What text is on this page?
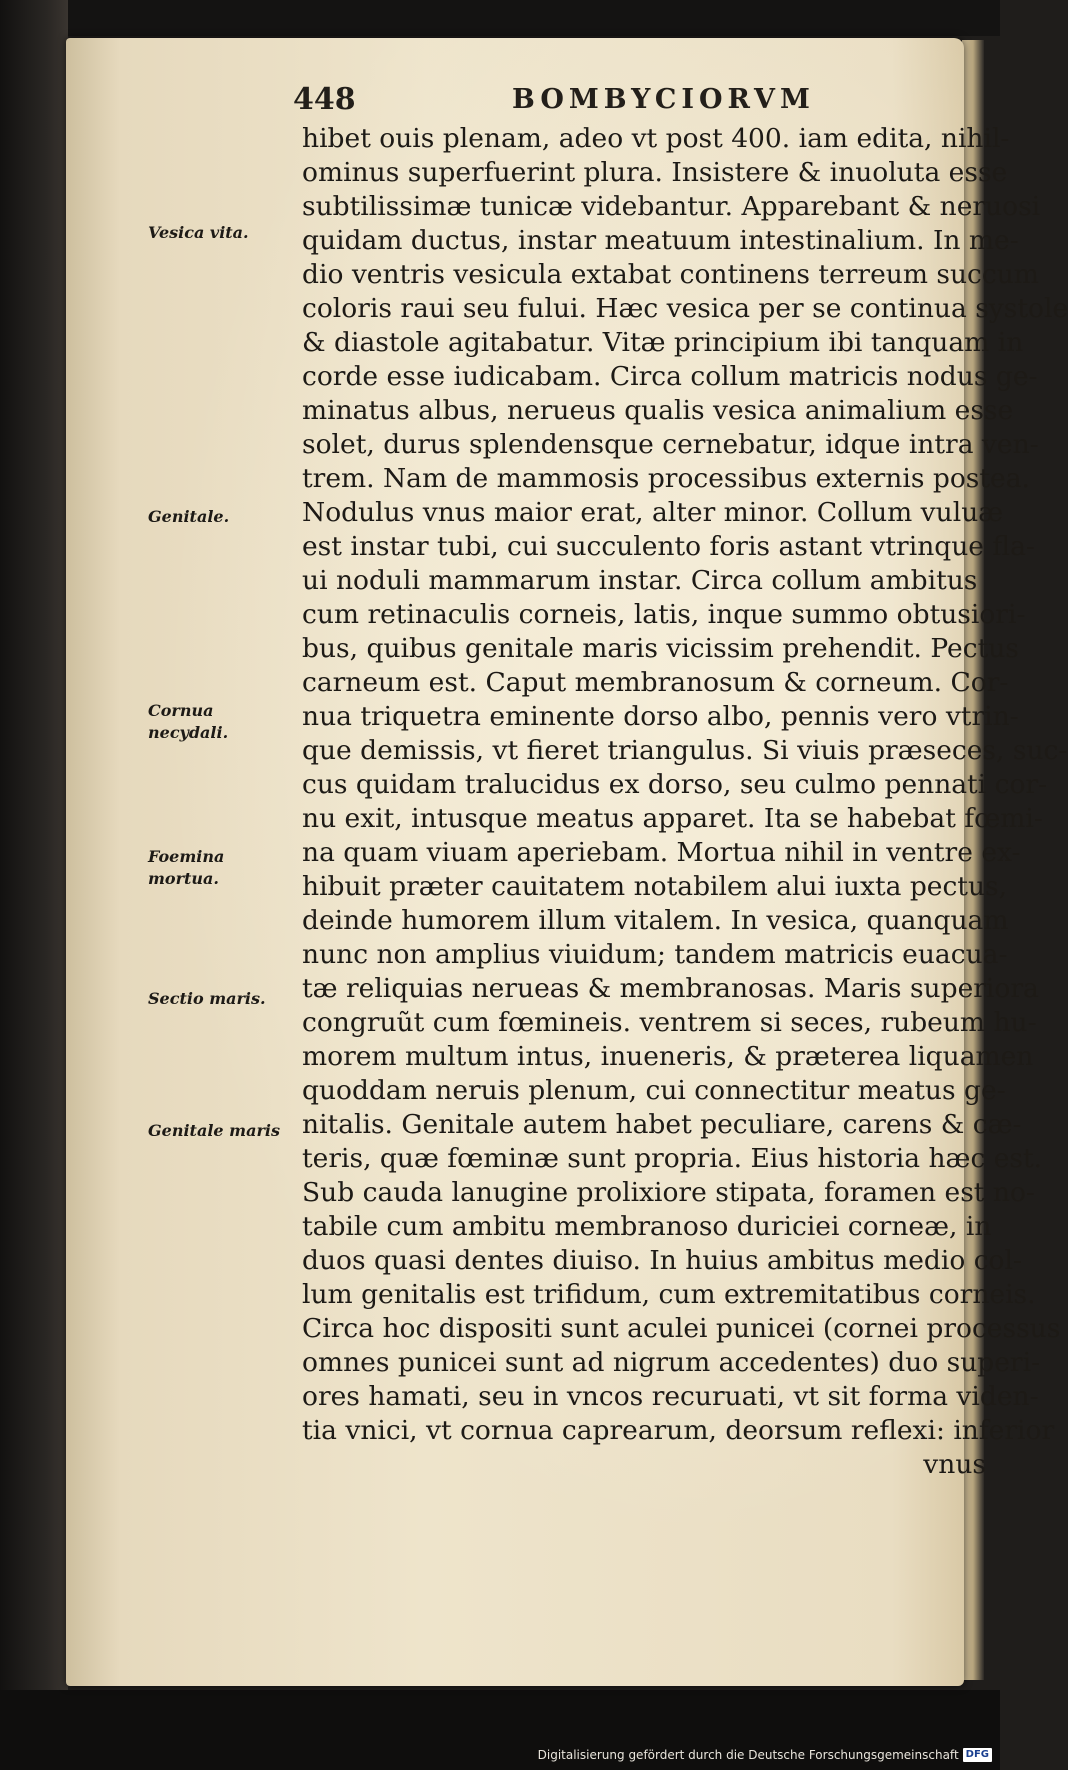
448	BOMBYCIORVM
Vesica vita.
Genitale.
Cornua necydali.
Foemina mortua.
Sectio maris.
Genitale maris
hibet ouis plenam, adeo vt post 400. iam edita, nihil-
ominus superfuerint plura. Insistere & inuoluta esse
subtilissimæ tunicæ videbantur. Apparebant & neruosi
quidam ductus, instar meatuum intestinalium. In me-
dio ventris vesicula extabat continens terreum succum
coloris raui seu fului. Hæc vesica per se continua systole
& diastole agitabatur. Vitæ principium ibi tanquam in
corde esse iudicabam. Circa collum matricis nodus ge-
minatus albus, nerueus qualis vesica animalium esse
solet, durus splendensque cernebatur, idque intra ven-
trem. Nam de mammosis processibus externis postea.
Nodulus vnus maior erat, alter minor. Collum vuluæ
est instar tubi, cui succulento foris astant vtrinque fla-
ui noduli mammarum instar. Circa collum ambitus
cum retinaculis corneis, latis, inque summo obtusiori-
bus, quibus genitale maris vicissim prehendit. Pectus
carneum est. Caput membranosum & corneum. Cor-
nua triquetra eminente dorso albo, pennis vero vtrin-
que demissis, vt fieret triangulus. Si viuis præseces, suc-
cus quidam tralucidus ex dorso, seu culmo pennati cor-
nu exit, intusque meatus apparet. Ita se habebat fœmi-
na quam viuam aperiebam. Mortua nihil in ventre ex-
hibuit præter cauitatem notabilem alui iuxta pectus,
deinde humorem illum vitalem. In vesica, quanquam
nunc non amplius viuidum; tandem matricis euacua-
tæ reliquias nerueas & membranosas. Maris superiora
congruũt cum fœmineis. ventrem si seces, rubeum hu-
morem multum intus, inueneris, & præterea liquamen
quoddam neruis plenum, cui connectitur meatus ge-
nitalis. Genitale autem habet peculiare, carens & cæ-
teris, quæ fœminæ sunt propria. Eius historia hæc est.
Sub cauda lanugine prolixiore stipata, foramen est no-
tabile cum ambitu membranoso duriciei corneæ, in
duos quasi dentes diuiso. In huius ambitus medio col-
lum genitalis est trifidum, cum extremitatibus corneis.
Circa hoc dispositi sunt aculei punicei (cornei processus
omnes punicei sunt ad nigrum accedentes) duo superi-
ores hamati, seu in vncos recuruati, vt sit forma viden-
tia vnici, vt cornua caprearum, deorsum reflexi: inferior
vnus
Digitalisierung gefördert durch die Deutsche Forschungsgemeinschaft DFG
